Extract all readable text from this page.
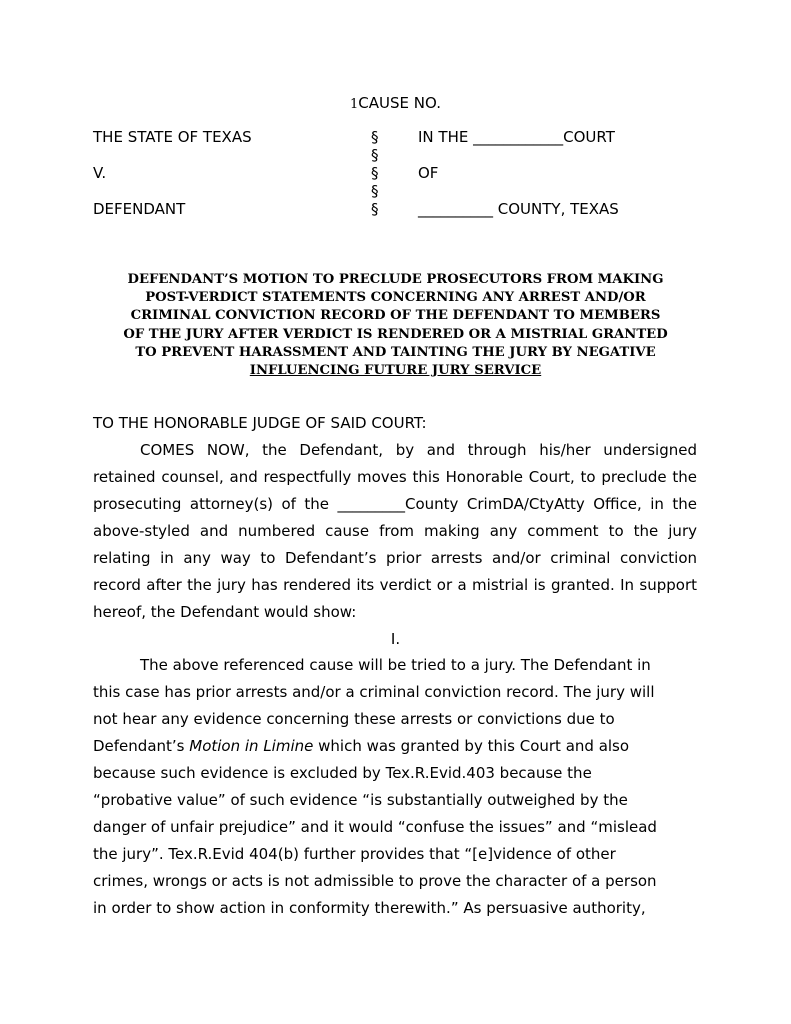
1CAUSE NO.
THE STATE OF TEXAS	§	IN THE ____________COURT
§
V.	§	OF
§
DEFENDANT	§	__________ COUNTY, TEXAS
DEFENDANT’S MOTION TO PRECLUDE PROSECUTORS FROM MAKING
POST-VERDICT STATEMENTS CONCERNING ANY ARREST AND/OR
CRIMINAL CONVICTION RECORD OF THE DEFENDANT TO MEMBERS
OF THE JURY AFTER VERDICT IS RENDERED OR A MISTRIAL GRANTED
TO PREVENT HARASSMENT AND TAINTING THE JURY BY NEGATIVE
INFLUENCING FUTURE JURY SERVICE
TO THE HONORABLE JUDGE OF SAID COURT:
COMES NOW, the Defendant, by and through his/her undersigned retained counsel, and respectfully moves this Honorable Court, to preclude the prosecuting attorney(s) of the _________County CrimDA/CtyAtty Office, in the above-styled and numbered cause from making any comment to the jury relating in any way to Defendant’s prior arrests and/or criminal conviction record after the jury has rendered its verdict or a mistrial is granted. In support hereof, the Defendant would show:
I.
The above referenced cause will be tried to a jury. The Defendant in
this case has prior arrests and/or a criminal conviction record. The jury will
not hear any evidence concerning these arrests or convictions due to
Defendant’s Motion in Limine which was granted by this Court and also
because such evidence is excluded by Tex.R.Evid.403 because the
“probative value” of such evidence “is substantially outweighed by the
danger of unfair prejudice” and it would “confuse the issues” and “mislead
the jury”. Tex.R.Evid 404(b) further provides that “[e]vidence of other
crimes, wrongs or acts is not admissible to prove the character of a person
in order to show action in conformity therewith.” As persuasive authority,
